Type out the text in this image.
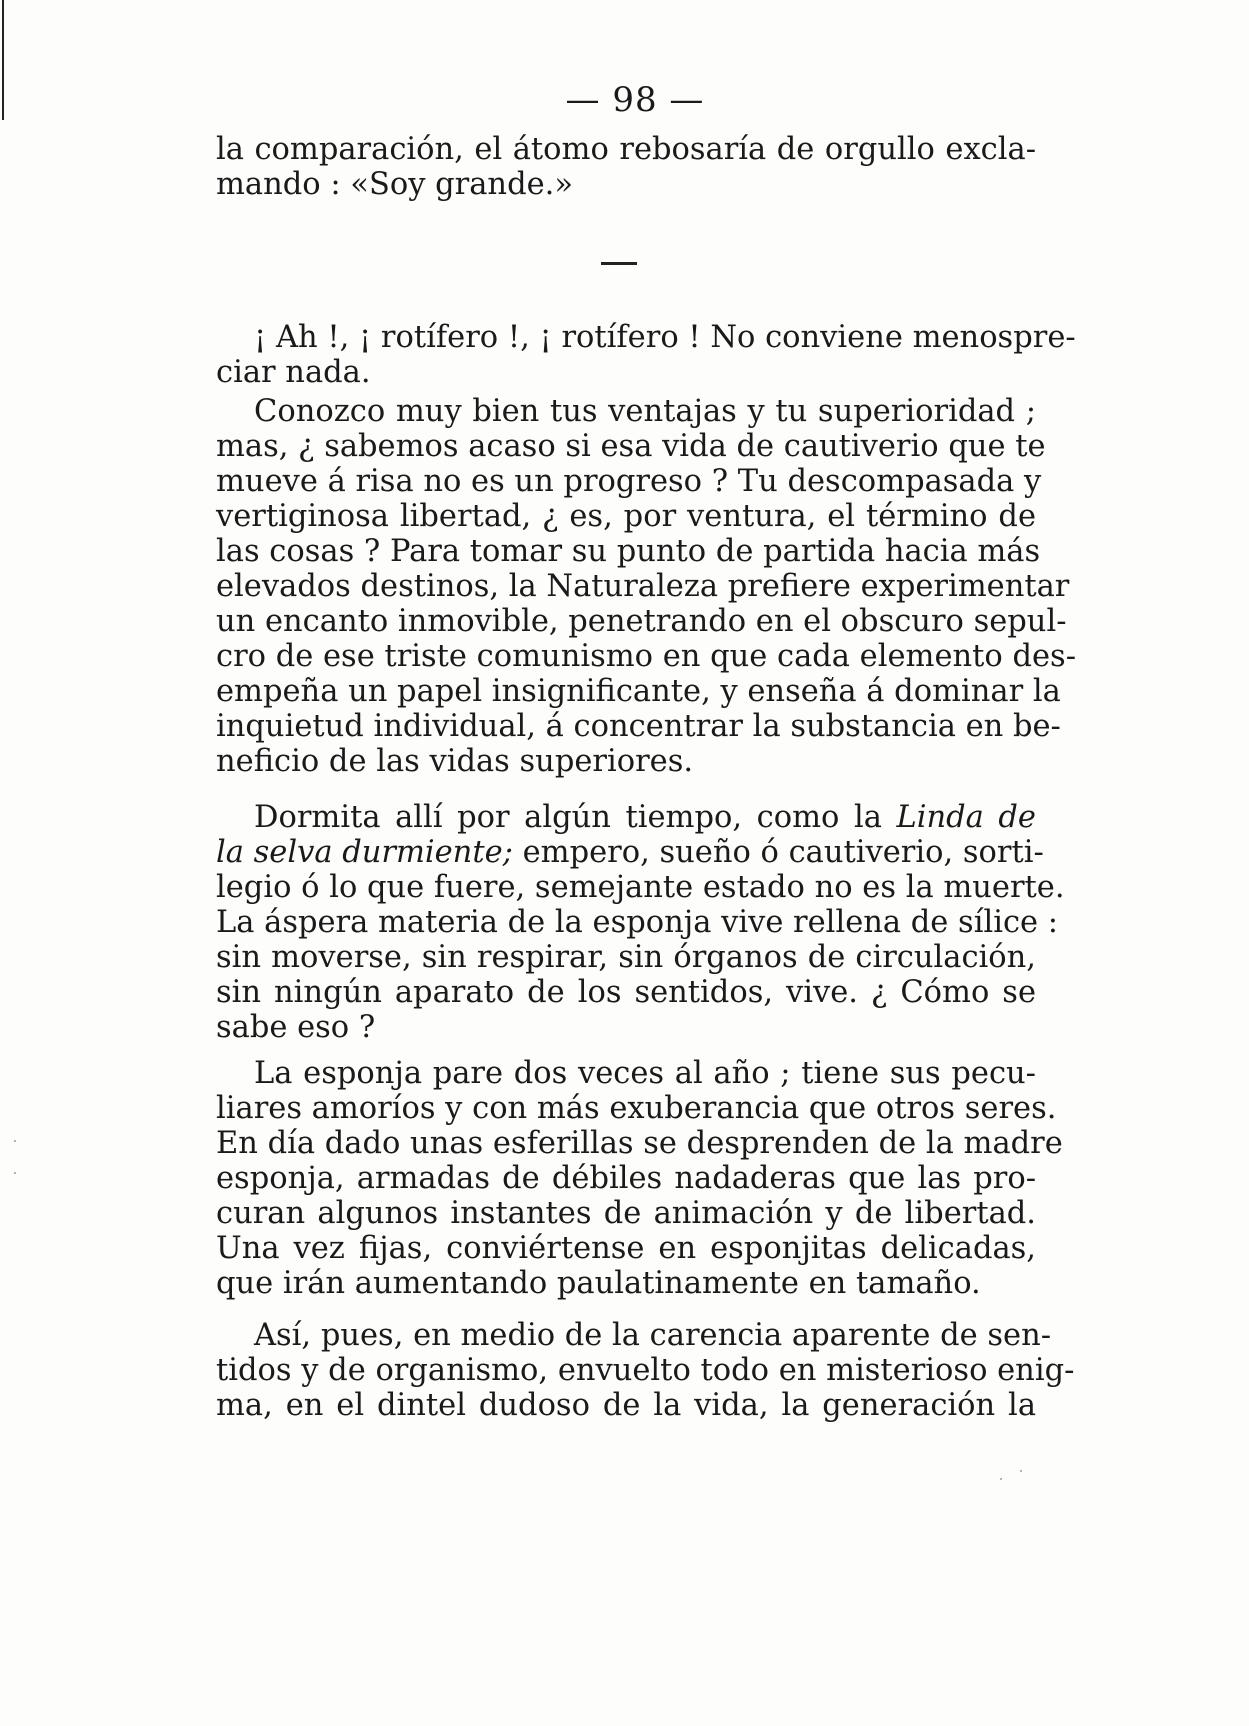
— 98 —
la comparación, el átomo rebosaría de orgullo excla-
mando : «Soy grande.»
¡ Ah !, ¡ rotífero !, ¡ rotífero ! No conviene menospre-
ciar nada.
Conozco muy bien tus ventajas y tu superioridad ;
mas, ¿ sabemos acaso si esa vida de cautiverio que te
mueve á risa no es un progreso ? Tu descompasada y
vertiginosa libertad, ¿ es, por ventura, el término de
las cosas ? Para tomar su punto de partida hacia más
elevados destinos, la Naturaleza prefiere experimentar
un encanto inmovible, penetrando en el obscuro sepul-
cro de ese triste comunismo en que cada elemento des-
empeña un papel insignificante, y enseña á dominar la
inquietud individual, á concentrar la substancia en be-
neficio de las vidas superiores.
Dormita allí por algún tiempo, como la Linda de
la selva durmiente; empero, sueño ó cautiverio, sorti-
legio ó lo que fuere, semejante estado no es la muerte.
La áspera materia de la esponja vive rellena de sílice :
sin moverse, sin respirar, sin órganos de circulación,
sin ningún aparato de los sentidos, vive. ¿ Cómo se
sabe eso ?
La esponja pare dos veces al año ; tiene sus pecu-
liares amoríos y con más exuberancia que otros seres.
En día dado unas esferillas se desprenden de la madre
esponja, armadas de débiles nadaderas que las pro-
curan algunos instantes de animación y de libertad.
Una vez fijas, conviértense en esponjitas delicadas,
que irán aumentando paulatinamente en tamaño.
Así, pues, en medio de la carencia aparente de sen-
tidos y de organismo, envuelto todo en misterioso enig-
ma, en el dintel dudoso de la vida, la generación la
